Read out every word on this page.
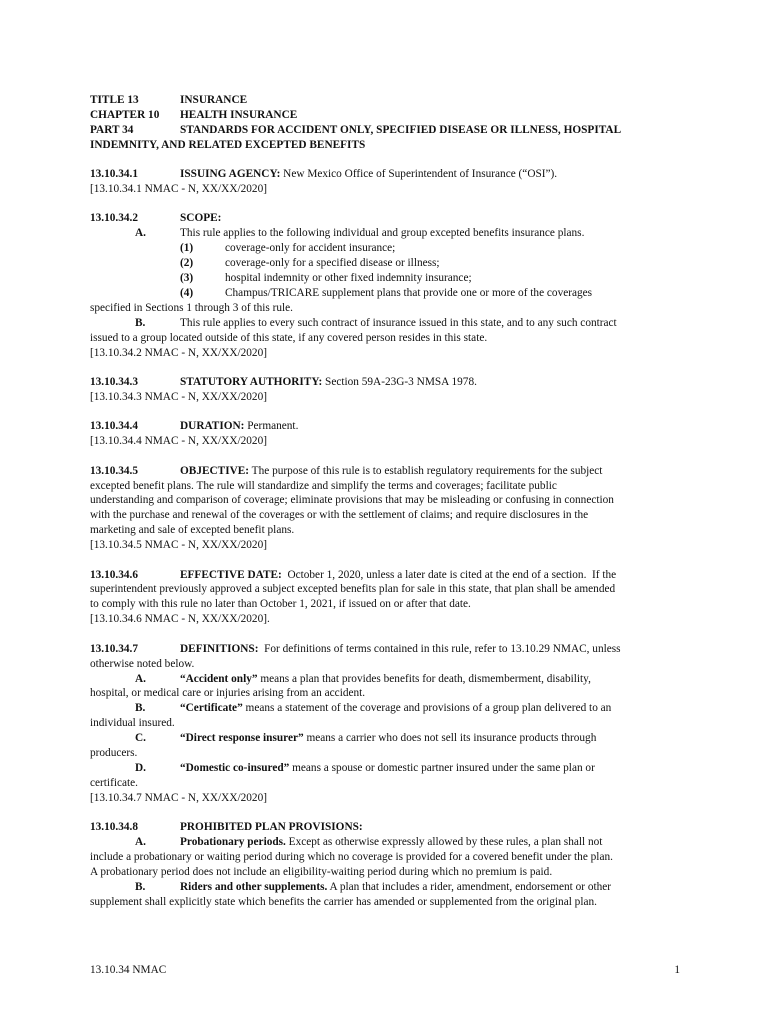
TITLE 13	INSURANCE

CHAPTER 10 HEALTH INSURANCE

PART 34	STANDARDS FOR ACCIDENT ONLY, SPECIFIED DISEASE OR ILLNESS, HOSPITAL

INDEMNITY, AND RELATED EXCEPTED BENEFITS

13.10.34.1	ISSUING AGENCY: New Mexico Office of Superintendent of Insurance (“OSI”).

[13.10.34.1 NMAC - N, XX/XX/2020]

13.10.34.2	SCOPE:

A.	This rule applies to the following individual and group excepted benefits insurance plans.

(1)	coverage-only for accident insurance;

(2)	coverage-only for a specified disease or illness;

(3)	hospital indemnity or other fixed indemnity insurance;

(4)	Champus/TRICARE supplement plans that provide one or more of the coverages

specified in Sections 1 through 3 of this rule.

B.	This rule applies to every such contract of insurance issued in this state, and to any such contract

issued to a group located outside of this state, if any covered person resides in this state.

[13.10.34.2 NMAC - N, XX/XX/2020]

13.10.34.3	STATUTORY AUTHORITY: Section 59A-23G-3 NMSA 1978.

[13.10.34.3 NMAC - N, XX/XX/2020]

13.10.34.4	DURATION: Permanent.

[13.10.34.4 NMAC - N, XX/XX/2020]

13.10.34.5	OBJECTIVE: The purpose of this rule is to establish regulatory requirements for the subject

excepted benefit plans. The rule will standardize and simplify the terms and coverages; facilitate public

understanding and comparison of coverage; eliminate provisions that may be misleading or confusing in connection

with the purchase and renewal of the coverages or with the settlement of claims; and require disclosures in the

marketing and sale of excepted benefit plans.

[13.10.34.5 NMAC - N, XX/XX/2020]

13.10.34.6	EFFECTIVE DATE:  October 1, 2020, unless a later date is cited at the end of a section.  If the

superintendent previously approved a subject excepted benefits plan for sale in this state, that plan shall be amended

to comply with this rule no later than October 1, 2021, if issued on or after that date.

[13.10.34.6 NMAC - N, XX/XX/2020].

13.10.34.7	DEFINITIONS:  For definitions of terms contained in this rule, refer to 13.10.29 NMAC, unless

otherwise noted below.

A.	“Accident only” means a plan that provides benefits for death, dismemberment, disability,

hospital, or medical care or injuries arising from an accident.

B.	“Certificate” means a statement of the coverage and provisions of a group plan delivered to an

individual insured.

C.	“Direct response insurer” means a carrier who does not sell its insurance products through

producers.

D.	“Domestic co-insured” means a spouse or domestic partner insured under the same plan or

certificate.

[13.10.34.7 NMAC - N, XX/XX/2020]

13.10.34.8	PROHIBITED PLAN PROVISIONS:

A.	Probationary periods. Except as otherwise expressly allowed by these rules, a plan shall not

include a probationary or waiting period during which no coverage is provided for a covered benefit under the plan.

A probationary period does not include an eligibility-waiting period during which no premium is paid.

B.	Riders and other supplements. A plan that includes a rider, amendment, endorsement or other

supplement shall explicitly state which benefits the carrier has amended or supplemented from the original plan.

13.10.34 NMAC	1
